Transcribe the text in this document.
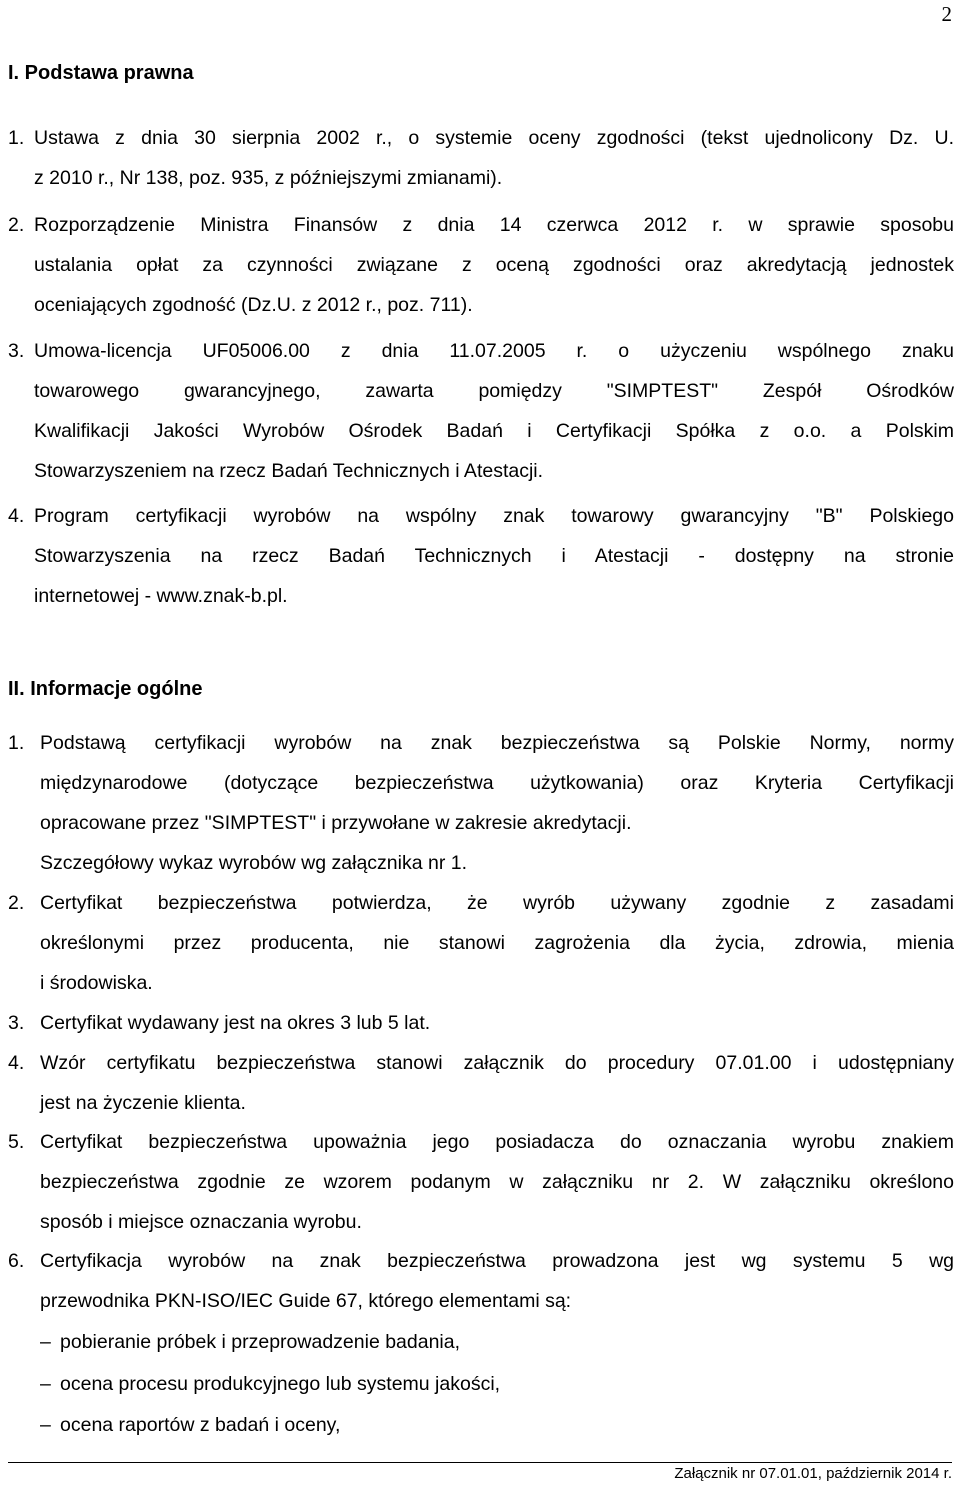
2
I. Podstawa prawna
1. Ustawa z dnia 30 sierpnia 2002 r., o systemie oceny zgodności (tekst ujednolicony Dz. U.

z 2010 r., Nr 138, poz. 935, z późniejszymi zmianami).

2. Rozporządzenie Ministra Finansów z dnia 14 czerwca 2012 r. w sprawie sposobu

ustalania opłat za czynności związane z oceną zgodności oraz akredytacją jednostek

oceniających zgodność (Dz.U. z 2012 r., poz. 711).

3. Umowa-licencja UF05006.00 z dnia 11.07.2005 r. o użyczeniu wspólnego znaku

towarowego gwarancyjnego, zawarta pomiędzy "SIMPTEST" Zespół Ośrodków

Kwalifikacji Jakości Wyrobów Ośrodek Badań i Certyfikacji Spółka z o.o. a Polskim

Stowarzyszeniem na rzecz Badań Technicznych i Atestacji.

4. Program certyfikacji wyrobów na wspólny znak towarowy gwarancyjny "B" Polskiego

Stowarzyszenia na rzecz Badań Technicznych i Atestacji - dostępny na stronie

internetowej - www.znak-b.pl.

II. Informacje ogólne
1. Podstawą certyfikacji wyrobów na znak bezpieczeństwa są Polskie Normy, normy

międzynarodowe (dotyczące bezpieczeństwa użytkowania) oraz Kryteria Certyfikacji

opracowane przez "SIMPTEST" i przywołane w zakresie akredytacji.

Szczegółowy wykaz wyrobów wg załącznika nr 1.

2. Certyfikat bezpieczeństwa potwierdza, że wyrób używany zgodnie z zasadami

określonymi przez producenta, nie stanowi zagrożenia dla życia, zdrowia, mienia

i środowiska.

3. Certyfikat wydawany jest na okres 3 lub 5 lat.

4. Wzór certyfikatu bezpieczeństwa stanowi załącznik do procedury 07.01.00 i udostępniany

jest na życzenie klienta.

5. Certyfikat bezpieczeństwa upoważnia jego posiadacza do oznaczania wyrobu znakiem

bezpieczeństwa zgodnie ze wzorem podanym w załączniku nr 2. W załączniku określono

sposób i miejsce oznaczania wyrobu.

6. Certyfikacja wyrobów na znak bezpieczeństwa prowadzona jest wg systemu 5 wg

przewodnika PKN-ISO/IEC Guide 67, którego elementami są:

– pobieranie próbek i przeprowadzenie badania,
– ocena procesu produkcyjnego lub systemu jakości,
– ocena raportów z badań i oceny,
Załącznik nr 07.01.01, październik 2014 r.
